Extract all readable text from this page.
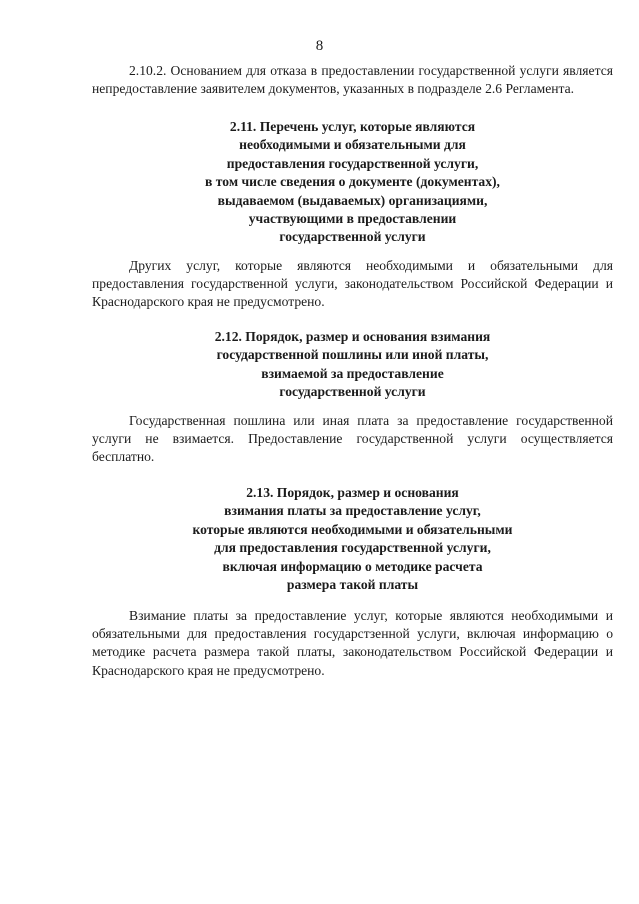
8

2.10.2. Основанием для отказа в предоставлении государственной услуги является непредоставление заявителем документов, указанных в подразделе 2.6 Регламента.

2.11. Перечень услуг, которые являются
необходимыми и обязательными для
предоставления государственной услуги,
в том числе сведения о документе (документах),
выдаваемом (выдаваемых) организациями,
участвующими в предоставлении
государственной услуги

Других услуг, которые являются необходимыми и обязательными для предоставления государственной услуги, законодательством Российской Федерации и Краснодарского края не предусмотрено.

2.12. Порядок, размер и основания взимания
государственной пошлины или иной платы,
взимаемой за предоставление
государственной услуги

Государственная пошлина или иная плата за предоставление государственной услуги не взимается. Предоставление государственной услуги осуществляется бесплатно.

2.13. Порядок, размер и основания
взимания платы за предоставление услуг,
которые являются необходимыми и обязательными
для предоставления государственной услуги,
включая информацию о методике расчета
размера такой платы

Взимание платы за предоставление услуг, которые являются необходимыми и обязательными для предоставления государстзенной услуги, включая информацию о методике расчета размера такой платы, законодательством Российской Федерации и Краснодарского края не предусмотрено.
